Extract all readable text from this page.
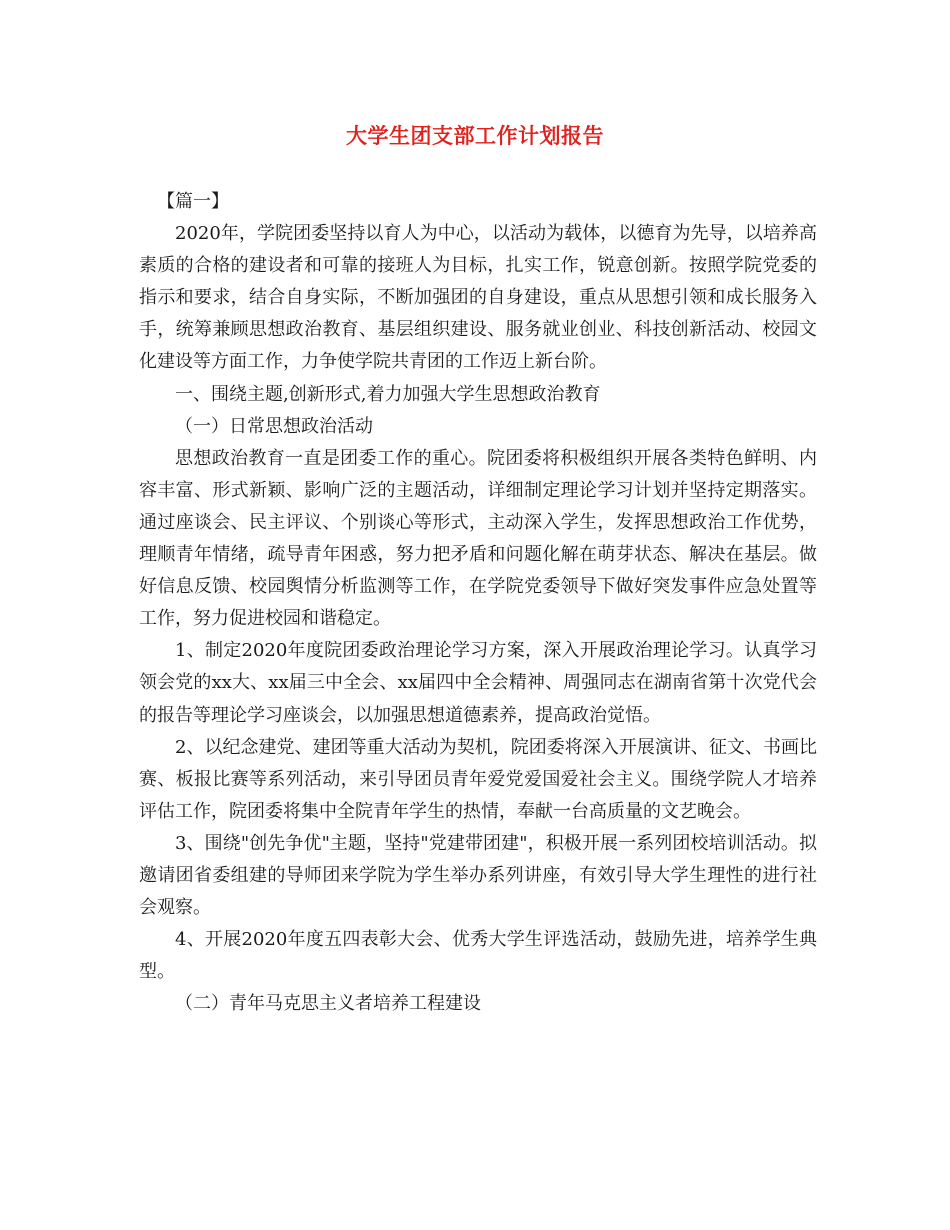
大学生团支部工作计划报告

【篇一】

2020年，学院团委坚持以育人为中心，以活动为载体，以德育为先导，以培养高素质的合格的建设者和可靠的接班人为目标，扎实工作，锐意创新。按照学院党委的指示和要求，结合自身实际，不断加强团的自身建设，重点从思想引领和成长服务入手，统筹兼顾思想政治教育、基层组织建设、服务就业创业、科技创新活动、校园文化建设等方面工作，力争使学院共青团的工作迈上新台阶。

一、围绕主题,创新形式,着力加强大学生思想政治教育

（一）日常思想政治活动

思想政治教育一直是团委工作的重心。院团委将积极组织开展各类特色鲜明、内容丰富、形式新颖、影响广泛的主题活动，详细制定理论学习计划并坚持定期落实。通过座谈会、民主评议、个别谈心等形式，主动深入学生，发挥思想政治工作优势，理顺青年情绪，疏导青年困惑，努力把矛盾和问题化解在萌芽状态、解决在基层。做好信息反馈、校园舆情分析监测等工作，在学院党委领导下做好突发事件应急处置等工作，努力促进校园和谐稳定。

1、制定2020年度院团委政治理论学习方案，深入开展政治理论学习。认真学习领会党的xx大、xx届三中全会、xx届四中全会精神、周强同志在湖南省第十次党代会的报告等理论学习座谈会，以加强思想道德素养，提高政治觉悟。

2、以纪念建党、建团等重大活动为契机，院团委将深入开展演讲、征文、书画比赛、板报比赛等系列活动，来引导团员青年爱党爱国爱社会主义。围绕学院人才培养评估工作，院团委将集中全院青年学生的热情，奉献一台高质量的文艺晚会。

3、围绕"创先争优"主题，坚持"党建带团建"，积极开展一系列团校培训活动。拟邀请团省委组建的导师团来学院为学生举办系列讲座，有效引导大学生理性的进行社会观察。

4、开展2020年度五四表彰大会、优秀大学生评选活动，鼓励先进，培养学生典型。

（二）青年马克思主义者培养工程建设
